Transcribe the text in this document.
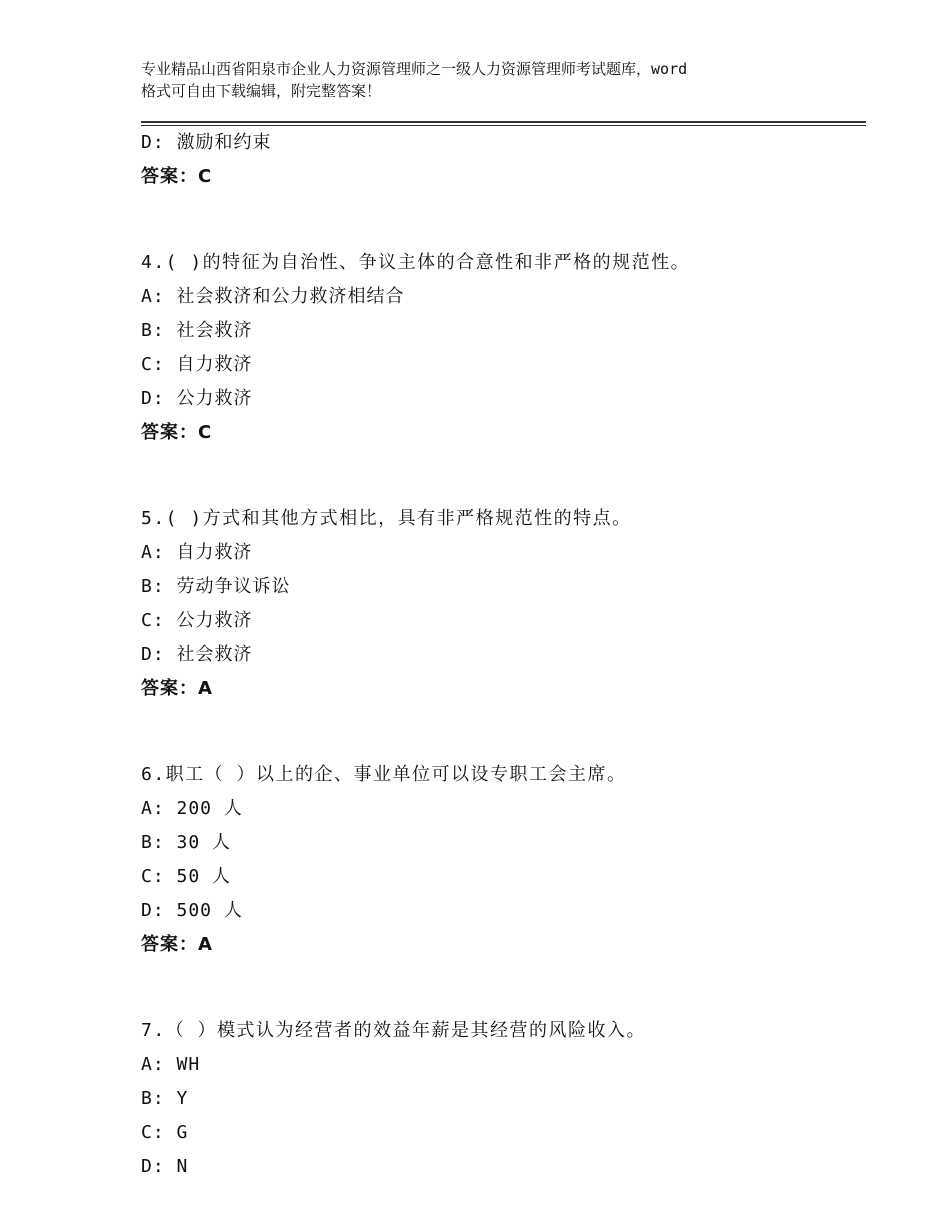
专业精品山西省阳泉市企业人力资源管理师之一级人力资源管理师考试题库，word
格式可自由下载编辑，附完整答案！
D: 激励和约束
答案：C
4.( )的特征为自治性、争议主体的合意性和非严格的规范性。
A: 社会救济和公力救济相结合
B: 社会救济
C: 自力救济
D: 公力救济
答案：C
5.( )方式和其他方式相比，具有非严格规范性的特点。
A: 自力救济
B: 劳动争议诉讼
C: 公力救济
D: 社会救济
答案：A
6.职工（ ）以上的企、事业单位可以设专职工会主席。
A: 200 人
B: 30 人
C: 50 人
D: 500 人
答案：A
7.（ ）模式认为经营者的效益年薪是其经营的风险收入。
A: WH
B: Y
C: G
D: N
